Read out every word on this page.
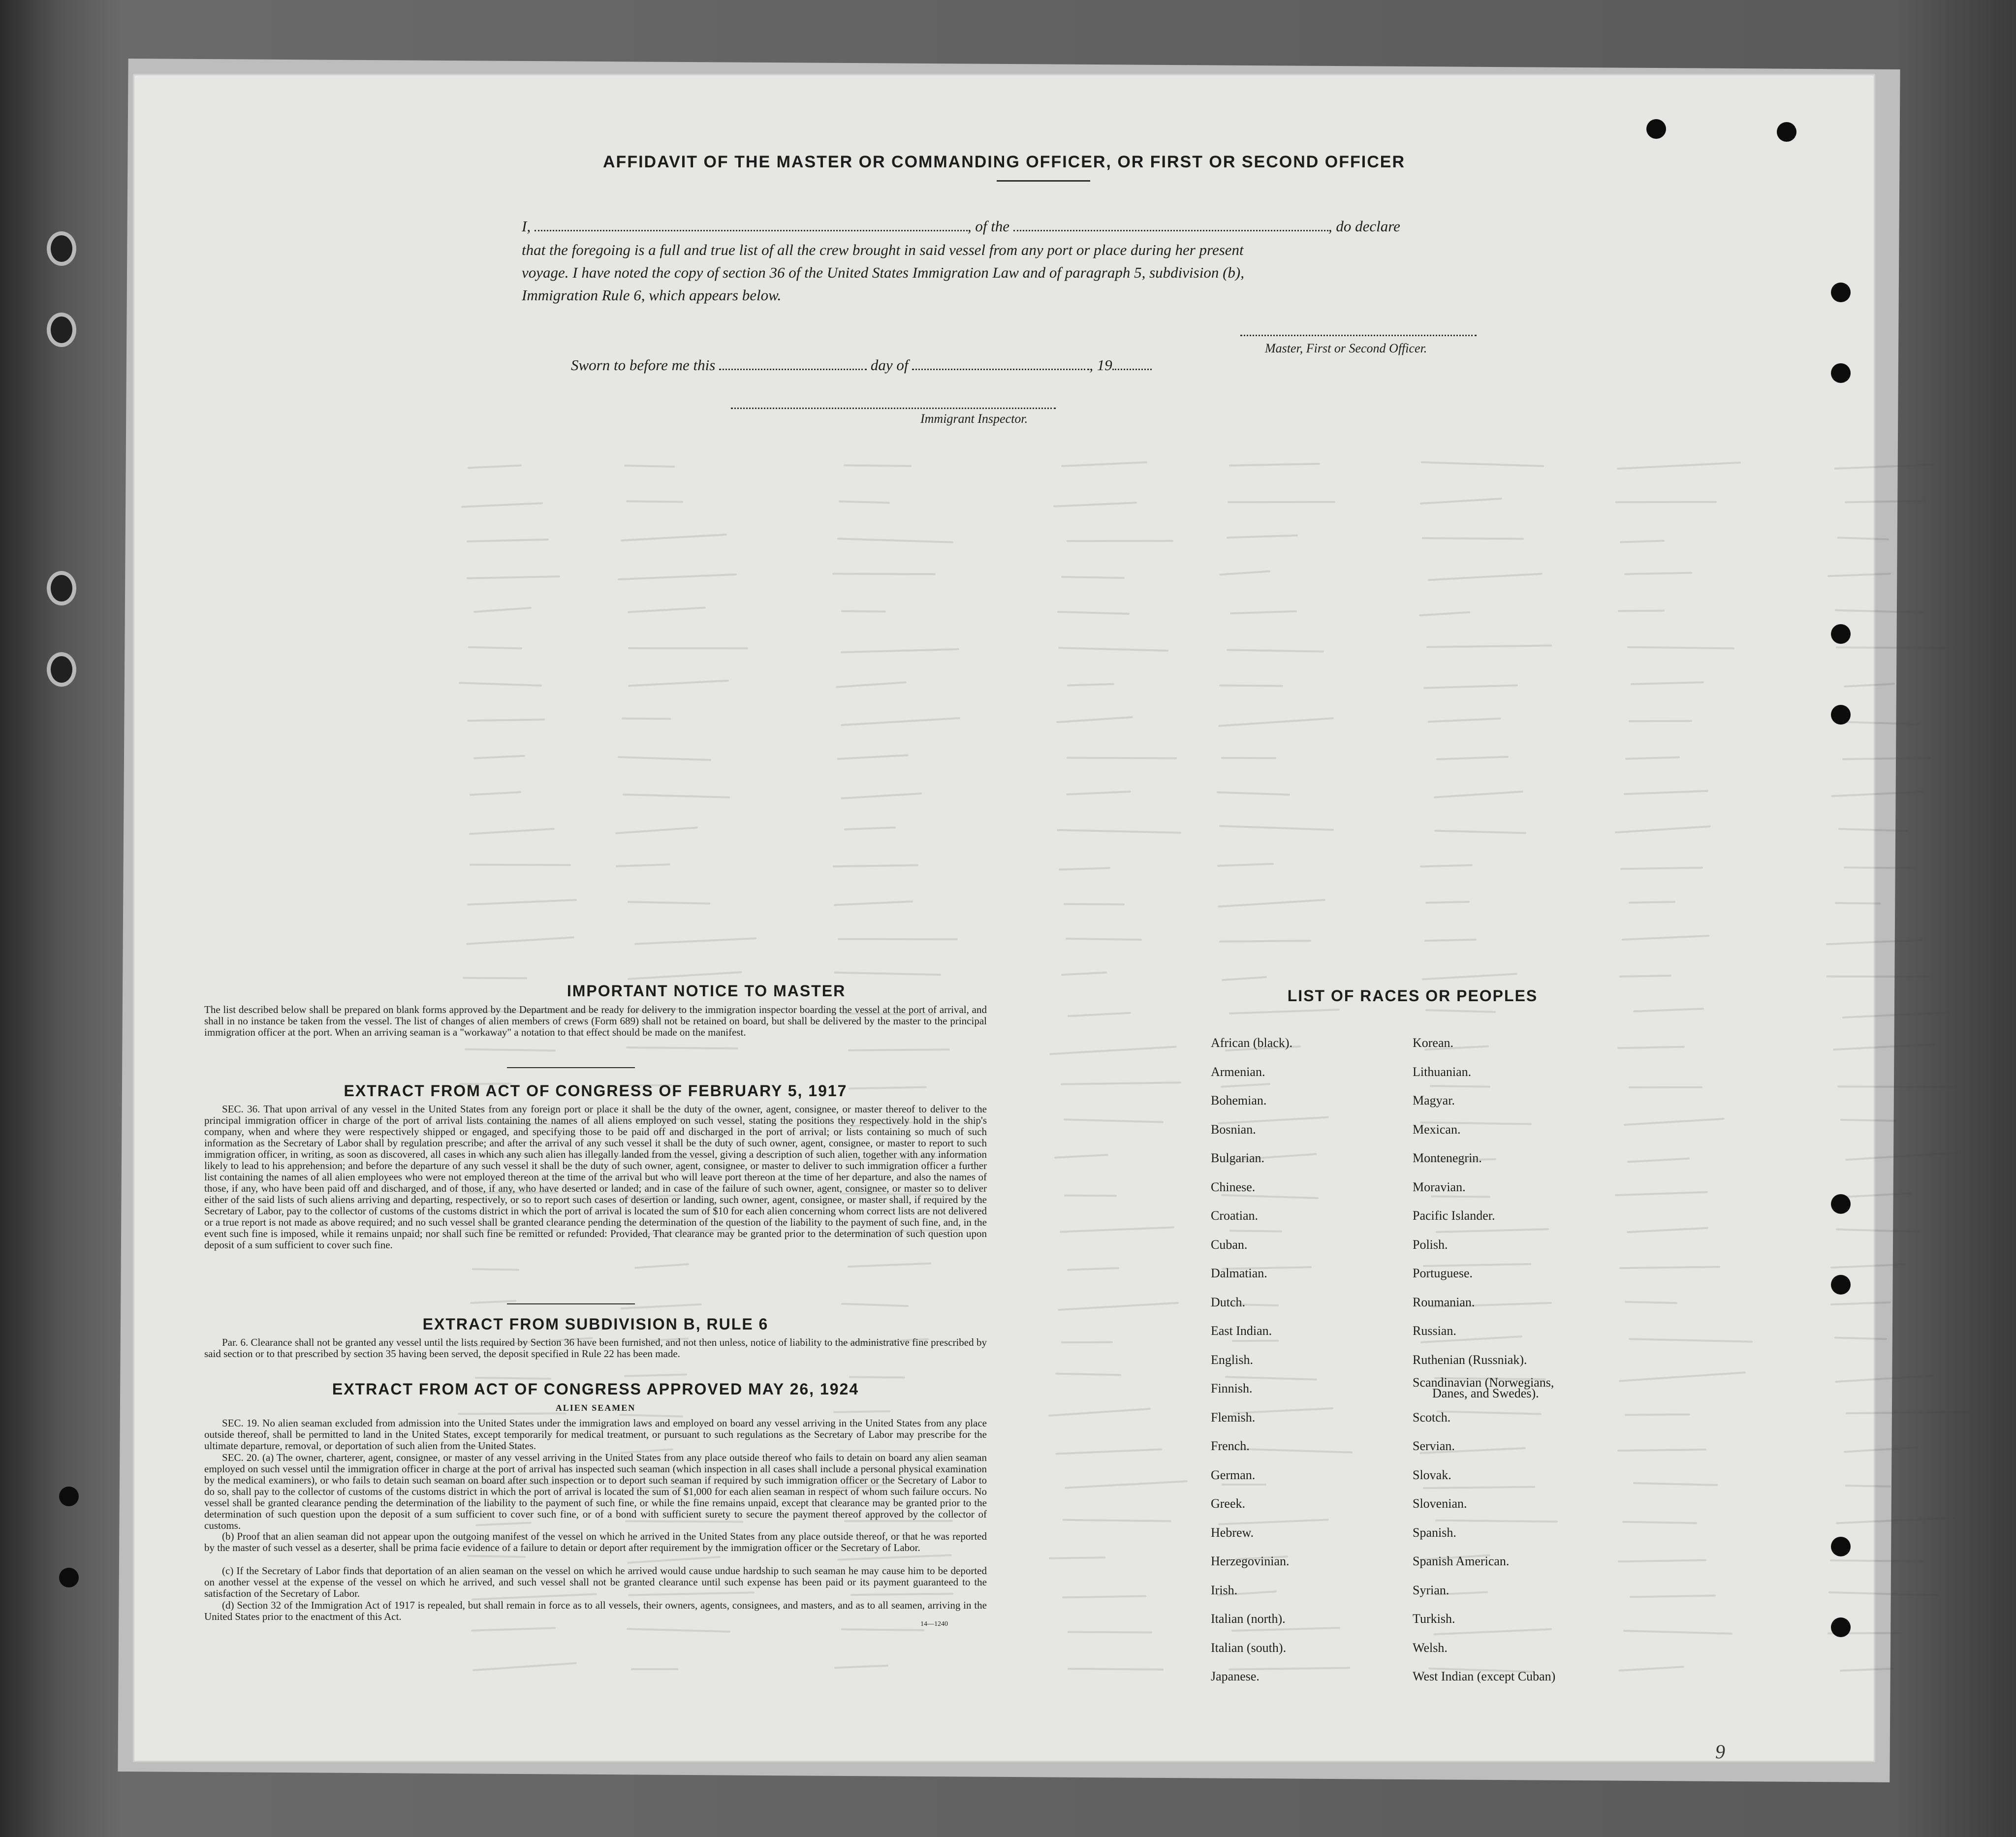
AFFIDAVIT OF THE MASTER OR COMMANDING OFFICER, OR FIRST OR SECOND OFFICER
I,	, of the	, do declare
that the foregoing is a full and true list of all the crew brought in said vessel from any port or place during her present
voyage. I have noted the copy of section 36 of the United States Immigration Law and of paragraph 5, subdivision (b),
Immigration Rule 6, which appears below.
Master, First or Second Officer.
Sworn to before me this	day of	, 19
Immigrant Inspector.
IMPORTANT NOTICE TO MASTER
The list described below shall be prepared on blank forms approved by the Department and be ready for delivery to the immigration inspector boarding the vessel at the port of arrival, and shall in no instance be taken from the vessel. The list of changes of alien members of crews (Form 689) shall not be retained on board, but shall be delivered by the master to the principal immigration officer at the port. When an arriving seaman is a "workaway" a notation to that effect should be made on the manifest.
EXTRACT FROM ACT OF CONGRESS OF FEBRUARY 5, 1917
SEC. 36. That upon arrival of any vessel in the United States from any foreign port or place it shall be the duty of the owner, agent, consignee, or master thereof to deliver to the principal immigration officer in charge of the port of arrival lists containing the names of all aliens employed on such vessel, stating the positions they respectively hold in the ship's company, when and where they were respectively shipped or engaged, and specifying those to be paid off and discharged in the port of arrival; or lists containing so much of such information as the Secretary of Labor shall by regulation prescribe; and after the arrival of any such vessel it shall be the duty of such owner, agent, consignee, or master to report to such immigration officer, in writing, as soon as discovered, all cases in which any such alien has illegally landed from the vessel, giving a description of such alien, together with any information likely to lead to his apprehension; and before the departure of any such vessel it shall be the duty of such owner, agent, consignee, or master to deliver to such immigration officer a further list containing the names of all alien employees who were not employed thereon at the time of the arrival but who will leave port thereon at the time of her departure, and also the names of those, if any, who have been paid off and discharged, and of those, if any, who have deserted or landed; and in case of the failure of such owner, agent, consignee, or master so to deliver either of the said lists of such aliens arriving and departing, respectively, or so to report such cases of desertion or landing, such owner, agent, consignee, or master shall, if required by the Secretary of Labor, pay to the collector of customs of the customs district in which the port of arrival is located the sum of $10 for each alien concerning whom correct lists are not delivered or a true report is not made as above required; and no such vessel shall be granted clearance pending the determination of the question of the liability to the payment of such fine, and, in the event such fine is imposed, while it remains unpaid; nor shall such fine be remitted or refunded: Provided, That clearance may be granted prior to the determination of such question upon deposit of a sum sufficient to cover such fine.
EXTRACT FROM SUBDIVISION B, RULE 6
Par. 6. Clearance shall not be granted any vessel until the lists required by Section 36 have been furnished, and not then unless, notice of liability to the administrative fine prescribed by said section or to that prescribed by section 35 having been served, the deposit specified in Rule 22 has been made.
EXTRACT FROM ACT OF CONGRESS APPROVED MAY 26, 1924
ALIEN SEAMEN
SEC. 19. No alien seaman excluded from admission into the United States under the immigration laws and employed on board any vessel arriving in the United States from any place outside thereof, shall be permitted to land in the United States, except temporarily for medical treatment, or pursuant to such regulations as the Secretary of Labor may prescribe for the ultimate departure, removal, or deportation of such alien from the United States.
SEC. 20. (a) The owner, charterer, agent, consignee, or master of any vessel arriving in the United States from any place outside thereof who fails to detain on board any alien seaman employed on such vessel until the immigration officer in charge at the port of arrival has inspected such seaman (which inspection in all cases shall include a personal physical examination by the medical examiners), or who fails to detain such seaman on board after such inspection or to deport such seaman if required by such immigration officer or the Secretary of Labor to do so, shall pay to the collector of customs of the customs district in which the port of arrival is located the sum of $1,000 for each alien seaman in respect of whom such failure occurs. No vessel shall be granted clearance pending the determination of the liability to the payment of such fine, or while the fine remains unpaid, except that clearance may be granted prior to the determination of such question upon the deposit of a sum sufficient to cover such fine, or of a bond with sufficient surety to secure the payment thereof approved by the collector of customs.
(b) Proof that an alien seaman did not appear upon the outgoing manifest of the vessel on which he arrived in the United States from any place outside thereof, or that he was reported by the master of such vessel as a deserter, shall be prima facie evidence of a failure to detain or deport after requirement by the immigration officer or the Secretary of Labor.
(c) If the Secretary of Labor finds that deportation of an alien seaman on the vessel on which he arrived would cause undue hardship to such seaman he may cause him to be deported on another vessel at the expense of the vessel on which he arrived, and such vessel shall not be granted clearance until such expense has been paid or its payment guaranteed to the satisfaction of the Secretary of Labor.
(d) Section 32 of the Immigration Act of 1917 is repealed, but shall remain in force as to all vessels, their owners, agents, consignees, and masters, and as to all seamen, arriving in the United States prior to the enactment of this Act.
14—1240
LIST OF RACES OR PEOPLES
African (black).
Armenian.
Bohemian.
Bosnian.
Bulgarian.
Chinese.
Croatian.
Cuban.
Dalmatian.
Dutch.
East Indian.
English.
Finnish.
Flemish.
French.
German.
Greek.
Hebrew.
Herzegovinian.
Irish.
Italian (north).
Italian (south).
Japanese.
Korean.
Lithuanian.
Magyar.
Mexican.
Montenegrin.
Moravian.
Pacific Islander.
Polish.
Portuguese.
Roumanian.
Russian.
Ruthenian (Russniak).
Scandinavian (Norwegians,
Danes, and Swedes).
Scotch.
Servian.
Slovak.
Slovenian.
Spanish.
Spanish American.
Syrian.
Turkish.
Welsh.
West Indian (except Cuban)
9
